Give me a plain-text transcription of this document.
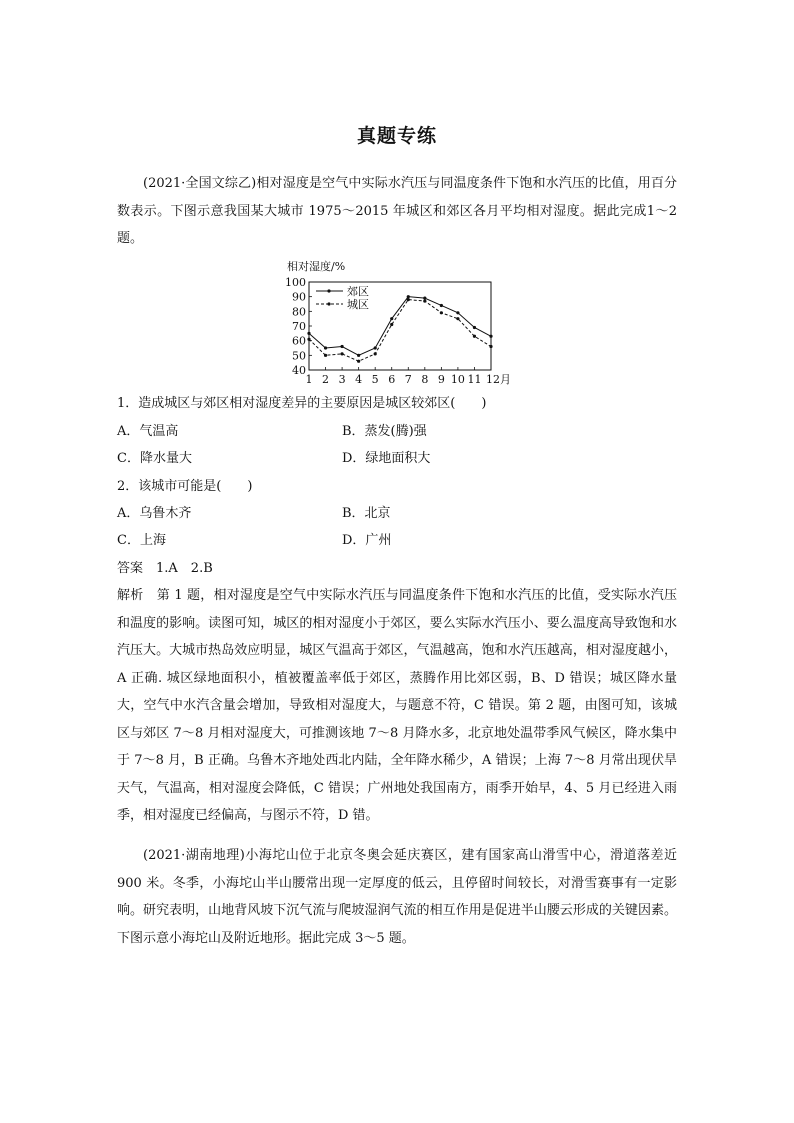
真题专练

(2021·全国文综乙)相对湿度是空气中实际水汽压与同温度条件下饱和水汽压的比值，用百分数表示。下图示意我国某大城市 1975～2015 年城区和郊区各月平均相对湿度。据此完成1～2题。

相对湿度/%
100
90
80
70
60
50
40
1 2 3 4 5 6 7 8 9 10 11 12月
郊区
城区
1．造成城区与郊区相对湿度差异的主要原因是城区较郊区(　　)
A．气温高	B．蒸发(腾)强
C．降水量大	D．绿地面积大
2．该城市可能是(　　)
A．乌鲁木齐	B．北京
C．上海	D．广州
答案　1.A　2.B

解析　第 1 题，相对湿度是空气中实际水汽压与同温度条件下饱和水汽压的比值，受实际水汽压和温度的影响。读图可知，城区的相对湿度小于郊区，要么实际水汽压小、要么温度高导致饱和水汽压大。大城市热岛效应明显，城区气温高于郊区，气温越高，饱和水汽压越高，相对湿度越小，A 正确. 城区绿地面积小，植被覆盖率低于郊区，蒸腾作用比郊区弱，B、D 错误；城区降水量大，空气中水汽含量会增加，导致相对湿度大，与题意不符，C 错误。第 2 题，由图可知，该城区与郊区 7～8 月相对湿度大，可推测该地 7～8 月降水多，北京地处温带季风气候区，降水集中于 7～8 月，B 正确。乌鲁木齐地处西北内陆，全年降水稀少，A 错误；上海 7～8 月常出现伏旱天气，气温高，相对湿度会降低，C 错误；广州地处我国南方，雨季开始早，4、5 月已经进入雨季，相对湿度已经偏高，与图示不符，D 错。

(2021·湖南地理)小海坨山位于北京冬奥会延庆赛区，建有国家高山滑雪中心，滑道落差近 900 米。冬季，小海坨山半山腰常出现一定厚度的低云，且停留时间较长，对滑雪赛事有一定影响。研究表明，山地背风坡下沉气流与爬坡湿润气流的相互作用是促进半山腰云形成的关键因素。下图示意小海坨山及附近地形。据此完成 3～5 题。
